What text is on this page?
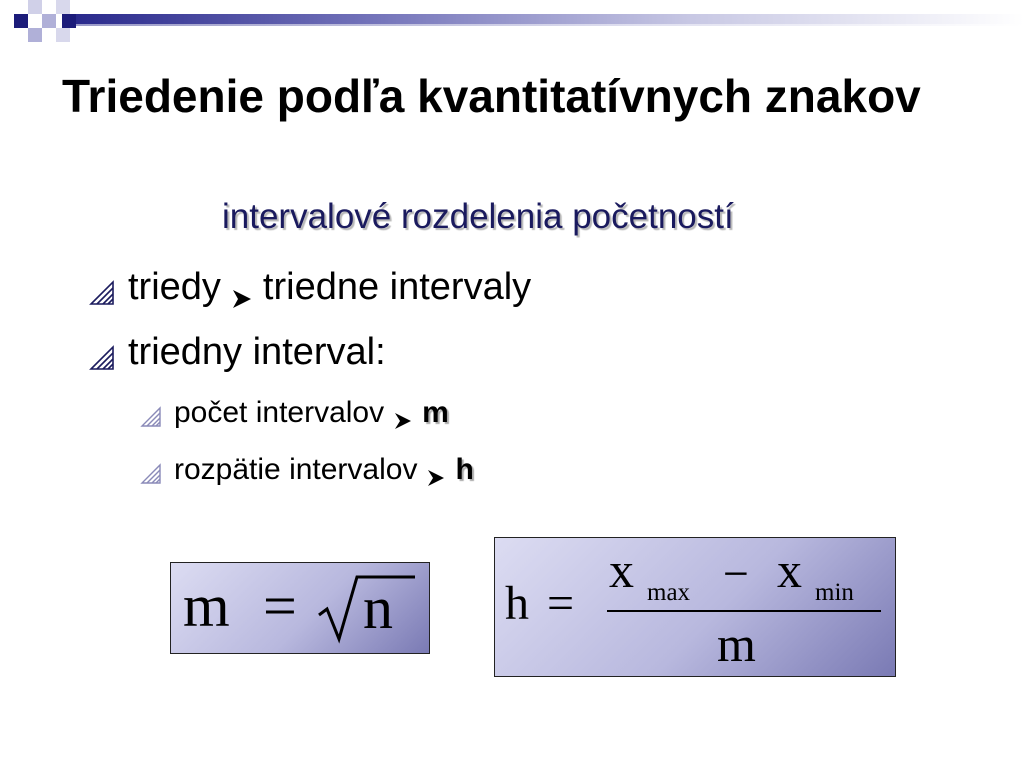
Triedenie podľa kvantitatívnych znakov
intervalové rozdelenia početností
triedy triedne intervaly
triedny interval:
počet intervalov m
rozpätie intervalov h
m = n h =
x max − x min
m
